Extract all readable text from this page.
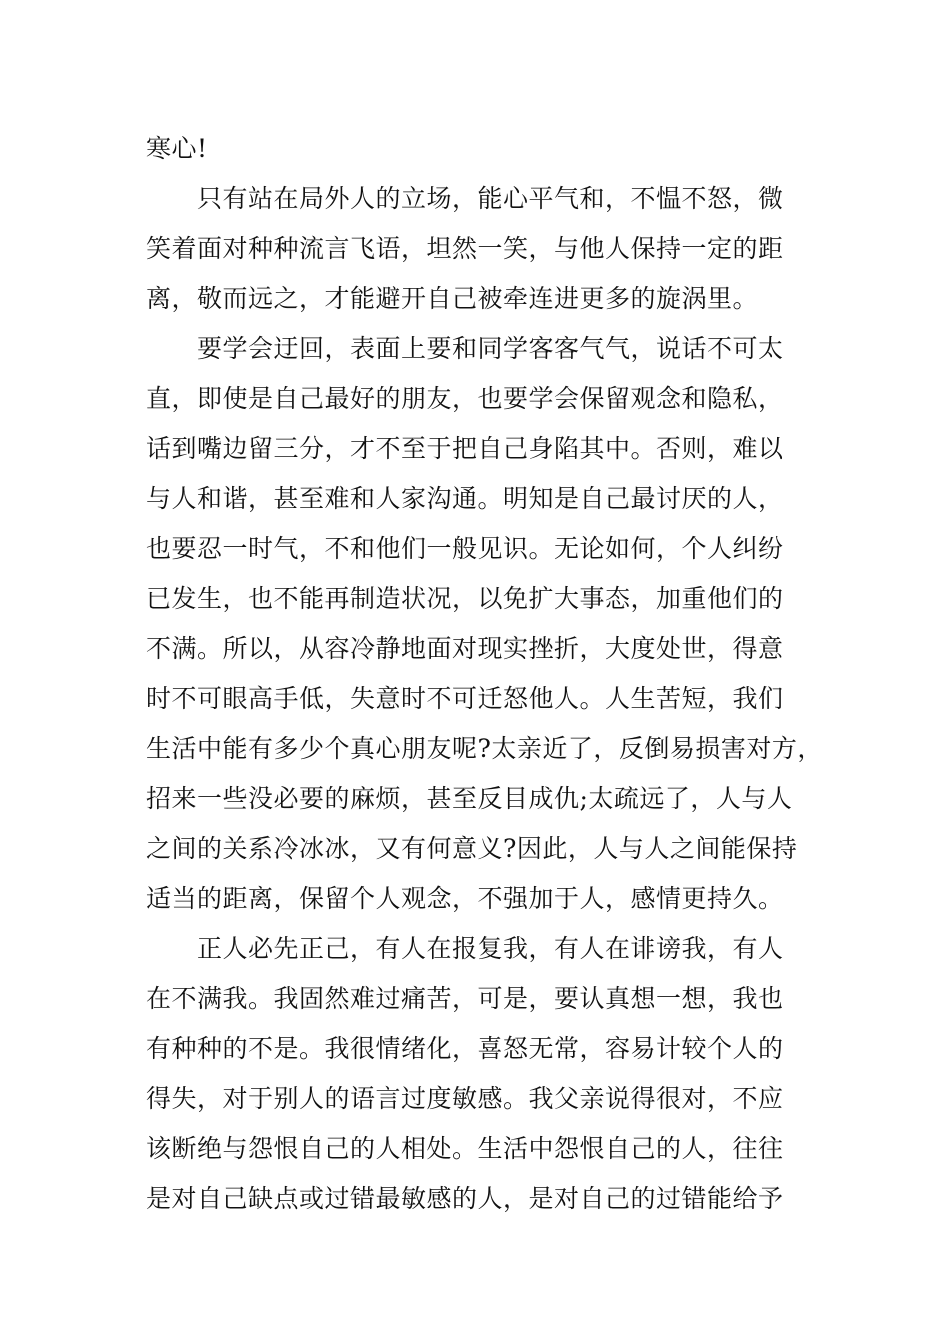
寒心!
只有站在局外人的立场，能心平气和，不愠不怒，微
笑着面对种种流言飞语，坦然一笑，与他人保持一定的距
离，敬而远之，才能避开自己被牵连进更多的旋涡里。
要学会迂回，表面上要和同学客客气气，说话不可太
直，即使是自己最好的朋友，也要学会保留观念和隐私，
话到嘴边留三分，才不至于把自己身陷其中。否则，难以
与人和谐，甚至难和人家沟通。明知是自己最讨厌的人，
也要忍一时气，不和他们一般见识。无论如何，个人纠纷
已发生，也不能再制造状况，以免扩大事态，加重他们的
不满。所以，从容冷静地面对现实挫折，大度处世，得意
时不可眼高手低，失意时不可迁怒他人。人生苦短，我们
生活中能有多少个真心朋友呢?太亲近了，反倒易损害对方，
招来一些没必要的麻烦，甚至反目成仇;太疏远了，人与人
之间的关系冷冰冰，又有何意义?因此，人与人之间能保持
适当的距离，保留个人观念，不强加于人，感情更持久。
正人必先正己，有人在报复我，有人在诽谤我，有人
在不满我。我固然难过痛苦，可是，要认真想一想，我也
有种种的不是。我很情绪化，喜怒无常，容易计较个人的
得失，对于别人的语言过度敏感。我父亲说得很对，不应
该断绝与怨恨自己的人相处。生活中怨恨自己的人，往往
是对自己缺点或过错最敏感的人，是对自己的过错能给予
